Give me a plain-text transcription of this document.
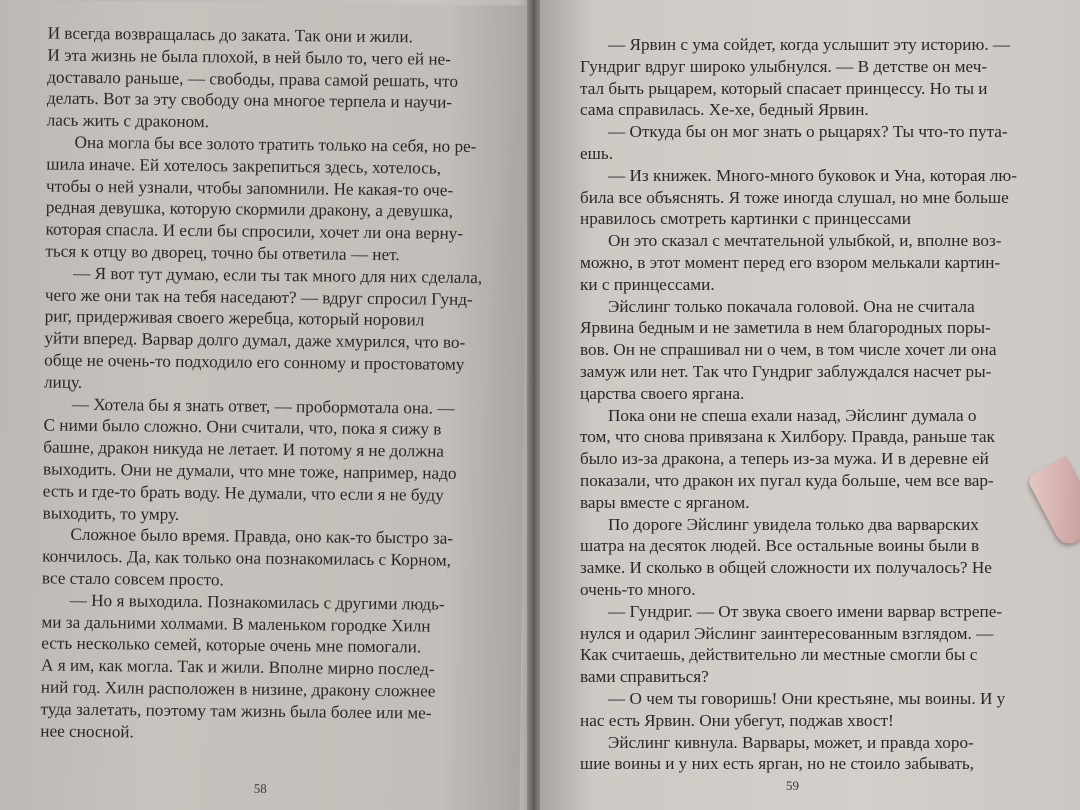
И всегда возвращалась до заката. Так они и жили.

И эта жизнь не была плохой, в ней было то, чего ей не-

доставало раньше, — свободы, права самой решать, что

делать. Вот за эту свободу она многое терпела и научи-

лась жить с драконом.

Она могла бы все золото тратить только на себя, но ре-

шила иначе. Ей хотелось закрепиться здесь, хотелось,

чтобы о ней узнали, чтобы запомнили. Не какая-то оче-

редная девушка, которую скормили дракону, а девушка,

которая спасла. И если бы спросили, хочет ли она верну-

ться к отцу во дворец, точно бы ответила — нет.

— Я вот тут думаю, если ты так много для них сделала,

чего же они так на тебя наседают? — вдруг спросил Гунд-

риг, придерживая своего жеребца, который норовил

уйти вперед. Варвар долго думал, даже хмурился, что во-

обще не очень-то подходило его сонному и простоватому

лицу.

— Хотела бы я знать ответ, — пробормотала она. —

С ними было сложно. Они считали, что, пока я сижу в

башне, дракон никуда не летает. И потому я не должна

выходить. Они не думали, что мне тоже, например, надо

есть и где-то брать воду. Не думали, что если я не буду

выходить, то умру.

Сложное было время. Правда, оно как-то быстро за-

кончилось. Да, как только она познакомилась с Корном,

все стало совсем просто.

— Но я выходила. Познакомилась с другими людь-

ми за дальними холмами. В маленьком городке Хилн

есть несколько семей, которые очень мне помогали.

А я им, как могла. Так и жили. Вполне мирно послед-

ний год. Хилн расположен в низине, дракону сложнее

туда залетать, поэтому там жизнь была более или ме-

нее сносной.

58

— Ярвин с ума сойдет, когда услышит эту историю. —

Гундриг вдруг широко улыбнулся. — В детстве он меч-

тал быть рыцарем, который спасает принцессу. Но ты и

сама справилась. Хе-хе, бедный Ярвин.

— Откуда бы он мог знать о рыцарях? Ты что-то пута-

ешь.

— Из книжек. Много-много буковок и Уна, которая лю-

била все объяснять. Я тоже иногда слушал, но мне больше

нравилось смотреть картинки с принцессами

Он это сказал с мечтательной улыбкой, и, вполне воз-

можно, в этот момент перед его взором мелькали картин-

ки с принцессами.

Эйслинг только покачала головой. Она не считала

Ярвина бедным и не заметила в нем благородных поры-

вов. Он не спрашивал ни о чем, в том числе хочет ли она

замуж или нет. Так что Гундриг заблуждался насчет ры-

царства своего яргана.

Пока они не спеша ехали назад, Эйслинг думала о

том, что снова привязана к Хилбору. Правда, раньше так

было из-за дракона, а теперь из-за мужа. И в деревне ей

показали, что дракон их пугал куда больше, чем все вар-

вары вместе с ярганом.

По дороге Эйслинг увидела только два варварских

шатра на десяток людей. Все остальные воины были в

замке. И сколько в общей сложности их получалось? Не

очень-то много.

— Гундриг. — От звука своего имени варвар встрепе-

нулся и одарил Эйслинг заинтересованным взглядом. —

Как считаешь, действительно ли местные смогли бы с

вами справиться?

— О чем ты говоришь! Они крестьяне, мы воины. И у

нас есть Ярвин. Они убегут, поджав хвост!

Эйслинг кивнула. Варвары, может, и правда хоро-

шие воины и у них есть ярган, но не стоило забывать,

59
